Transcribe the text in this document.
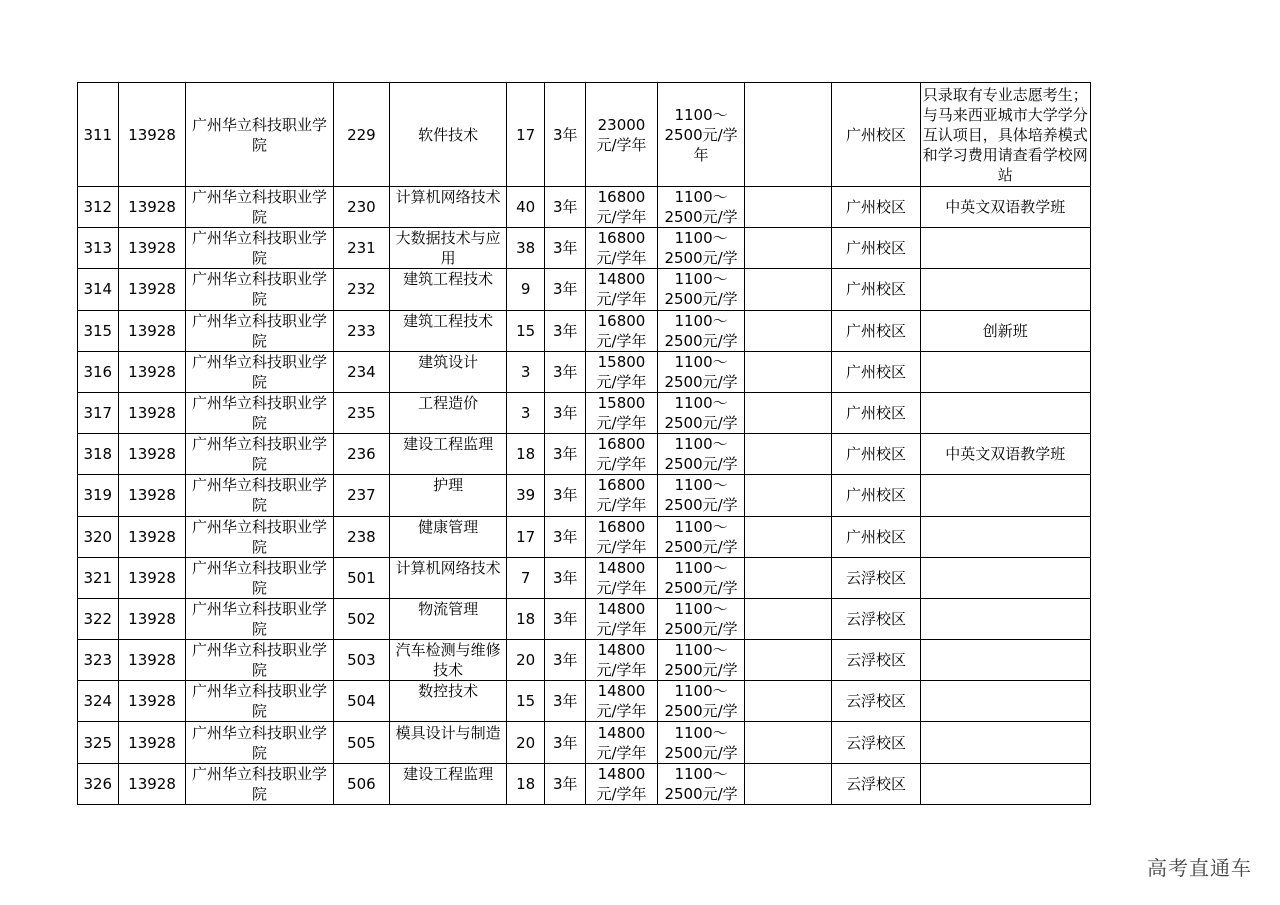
311	13928	广州华立科技职业学院	229	软件技术	17	3年	23000元/学年	1100～2500元/学年		广州校区	只录取有专业志愿考生；与马来西亚城市大学学分互认项目，具体培养模式和学习费用请查看学校网站

312	13928	广州华立科技职业学院	230	计算机网络技术	40	3年	16800元/学年	1100～2500元/学		广州校区	中英文双语教学班

313	13928	广州华立科技职业学院	231	大数据技术与应用	38	3年	16800元/学年	1100～2500元/学		广州校区	

314	13928	广州华立科技职业学院	232	建筑工程技术	9	3年	14800元/学年	1100～2500元/学		广州校区	

315	13928	广州华立科技职业学院	233	建筑工程技术	15	3年	16800元/学年	1100～2500元/学		广州校区	创新班

316	13928	广州华立科技职业学院	234	建筑设计	3	3年	15800元/学年	1100～2500元/学		广州校区	

317	13928	广州华立科技职业学院	235	工程造价	3	3年	15800元/学年	1100～2500元/学		广州校区	

318	13928	广州华立科技职业学院	236	建设工程监理	18	3年	16800元/学年	1100～2500元/学		广州校区	中英文双语教学班

319	13928	广州华立科技职业学院	237	护理	39	3年	16800元/学年	1100～2500元/学		广州校区	

320	13928	广州华立科技职业学院	238	健康管理	17	3年	16800元/学年	1100～2500元/学		广州校区	

321	13928	广州华立科技职业学院	501	计算机网络技术	7	3年	14800元/学年	1100～2500元/学		云浮校区	

322	13928	广州华立科技职业学院	502	物流管理	18	3年	14800元/学年	1100～2500元/学		云浮校区	

323	13928	广州华立科技职业学院	503	汽车检测与维修技术	20	3年	14800元/学年	1100～2500元/学		云浮校区	

324	13928	广州华立科技职业学院	504	数控技术	15	3年	14800元/学年	1100～2500元/学		云浮校区	

325	13928	广州华立科技职业学院	505	模具设计与制造	20	3年	14800元/学年	1100～2500元/学		云浮校区	

326	13928	广州华立科技职业学院	506	建设工程监理	18	3年	14800元/学年	1100～2500元/学		云浮校区	

高考直通车
